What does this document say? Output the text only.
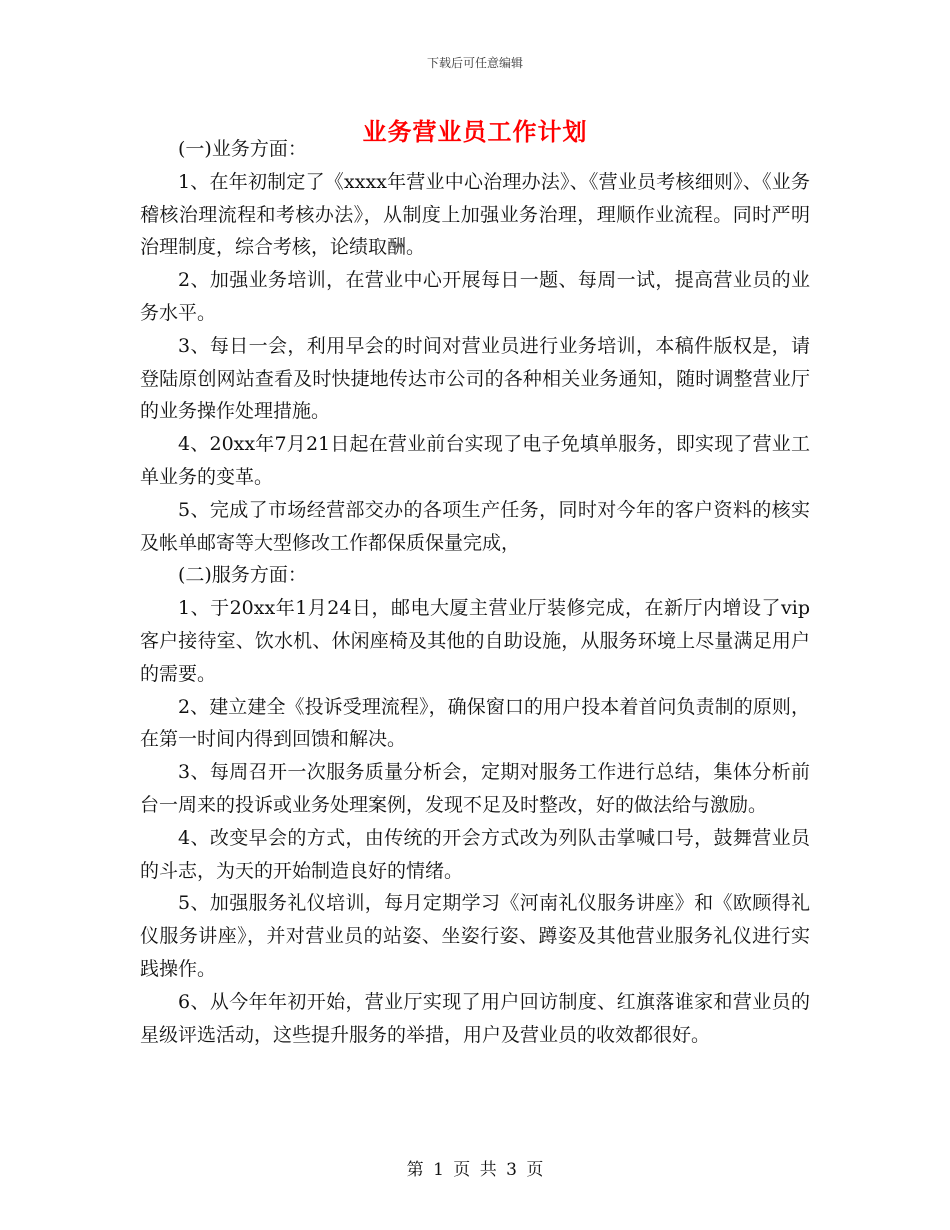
下载后可任意编辑
业务营业员工作计划

(一)业务方面：

1、在年初制定了《xxxx年营业中心治理办法》、《营业员考核细则》、《业务稽核治理流程和考核办法》，从制度上加强业务治理，理顺作业流程。同时严明治理制度，综合考核，论绩取酬。

2、加强业务培训，在营业中心开展每日一题、每周一试，提高营业员的业务水平。

3、每日一会，利用早会的时间对营业员进行业务培训，本稿件版权是，请登陆原创网站查看及时快捷地传达市公司的各种相关业务通知，随时调整营业厅的业务操作处理措施。

4、20xx年7月21日起在营业前台实现了电子免填单服务，即实现了营业工单业务的变革。

5、完成了市场经营部交办的各项生产任务，同时对今年的客户资料的核实及帐单邮寄等大型修改工作都保质保量完成，

(二)服务方面：

1、于20xx年1月24日，邮电大厦主营业厅装修完成，在新厅内增设了vip客户接待室、饮水机、休闲座椅及其他的自助设施，从服务环境上尽量满足用户的需要。

2、建立建全《投诉受理流程》，确保窗口的用户投本着首问负责制的原则，在第一时间内得到回馈和解决。

3、每周召开一次服务质量分析会，定期对服务工作进行总结，集体分析前台一周来的投诉或业务处理案例，发现不足及时整改，好的做法给与激励。

4、改变早会的方式，由传统的开会方式改为列队击掌喊口号，鼓舞营业员的斗志，为天的开始制造良好的情绪。

5、加强服务礼仪培训，每月定期学习《河南礼仪服务讲座》和《欧顾得礼仪服务讲座》，并对营业员的站姿、坐姿行姿、蹲姿及其他营业服务礼仪进行实践操作。

6、从今年年初开始，营业厅实现了用户回访制度、红旗落谁家和营业员的星级评选活动，这些提升服务的举措，用户及营业员的收效都很好。

第 1 页 共 3 页
